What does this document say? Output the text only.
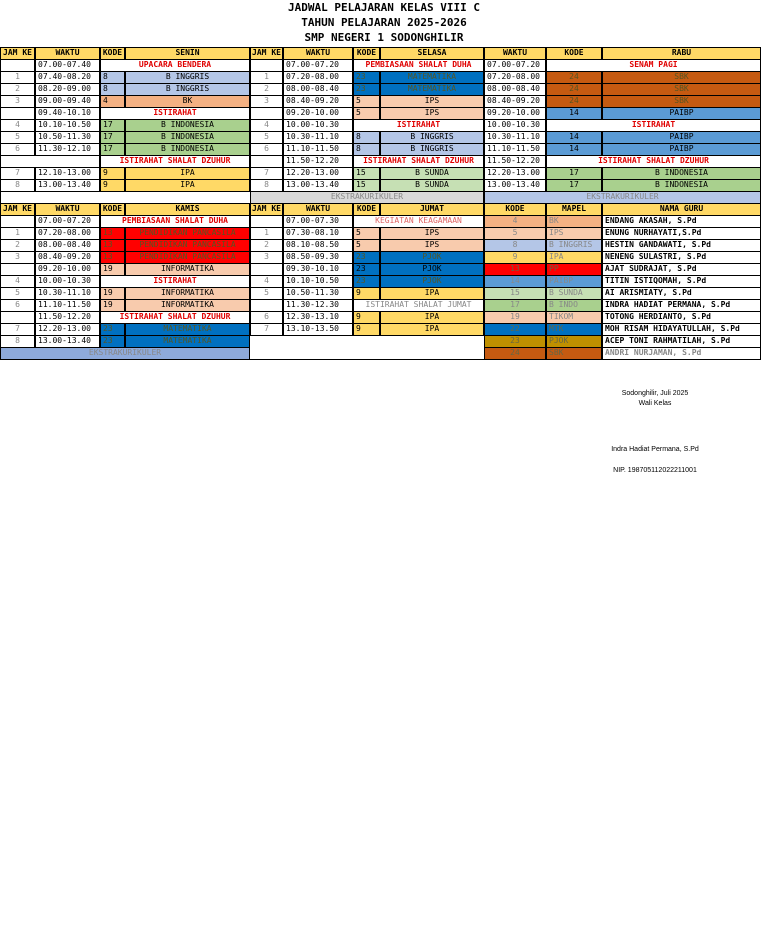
JADWAL PELAJARAN KELAS VIII C
TAHUN PELAJARAN 2025-2026
SMP NEGERI 1 SODONGHILIR
JAM KE	WAKTU	KODE	SENIN	JAM KE	WAKTU	KODE	SELASA	WAKTU	KODE	RABU
07.00-07.40	UPACARA BENDERA
1	07.40-08.20	8	B INGGRIS
2	08.20-09.00	8	B INGGRIS
3	09.00-09.40	4	BK
09.40-10.10	ISTIRAHAT
4	10.10-10.50	17	B INDONESIA
5	10.50-11.30	17	B INDONESIA
6	11.30-12.10	17	B INDONESIA
ISTIRAHAT SHALAT DZUHUR
7	12.10-13.00	9	IPA
8	13.00-13.40	9	IPA
07.00-07.20	PEMBIASAAN SHALAT DUHA
1	07.20-08.00	23	MATEMATIKA
2	08.00-08.40	23	MATEMATIKA
3	08.40-09.20	5	IPS
09.20-10.00	5	IPS
4	10.00-10.30	ISTIRAHAT
5	10.30-11.10	8	B INGGRIS
6	11.10-11.50	8	B INGGRIS
11.50-12.20	ISTIRAHAT SHALAT DZUHUR
7	12.20-13.00	15	B SUNDA
8	13.00-13.40	15	B SUNDA
EKSTRAKURIKULER
07.00-07.20	SENAM PAGI
07.20-08.00	24	SBK
08.00-08.40	24	SBK
08.40-09.20	24	SBK
09.20-10.00	14	PAIBP
10.00-10.30	ISTIRAHAT
10.30-11.10	14	PAIBP
11.10-11.50	14	PAIBP
11.50-12.20	ISTIRAHAT SHALAT DZUHUR
12.20-13.00	17	B INDONESIA
13.00-13.40	17	B INDONESIA
EKSTRAKURIKULER
JAM KE	WAKTU	KODE	KAMIS	JAM KE	WAKTU	KODE	JUMAT	KODE	MAPEL	NAMA GURU
07.00-07.20	PEMBIASAAN SHALAT DUHA
1	07.20-08.00	13	PENDIDIKAN PANCASILA
2	08.00-08.40	13	PENDIDIKAN PANCASILA
3	08.40-09.20	13	PENDIDIKAN PANCASILA
09.20-10.00	19	INFORMATIKA
4	10.00-10.30	ISTIRAHAT
5	10.30-11.10	19	INFORMATIKA
6	11.10-11.50	19	INFORMATIKA
11.50-12.20	ISTIRAHAT SHALAT DZUHUR
7	12.20-13.00	23	MATEMATIKA
8	13.00-13.40	23	MATEMATIKA
EKSTRAKURIKULER
07.00-07.30	KEGIATAN KEAGAMAAN
1	07.30-08.10	5	IPS
2	08.10-08.50	5	IPS
3	08.50-09.30	23	PJOK
09.30-10.10	23	PJOK
4	10.10-10.50	23	PJOK
5	10.50-11.30	9	IPA
11.30-12.30	ISTIRAHAT SHALAT JUMAT
6	12.30-13.10	9	IPA
7	13.10-13.50	9	IPA
4	BK	ENDANG AKASAH, S.Pd
5	IPS	ENUNG NURHAYATI,S.Pd
8	B INGGRIS	HESTIN GANDAWATI, S.Pd
9	IPA	NENENG SULASTRI, S.Pd
13	PP	AJAT SUDRAJAT, S.Pd
14	PAIBP	TITIN ISTIQOMAH, S.Pd
15	B SUNDA	AI ARISMIATY, S.Pd
17	B INDO	INDRA HADIAT PERMANA, S.Pd
19	TIKOM	TOTONG HERDIANTO, S.Pd
22	MTK	MOH RISAM HIDAYATULLAH, S.Pd
23	PJOK	ACEP TONI RAHMATILAH, S.Pd
24	SBK	ANDRI NURJAMAN, S.Pd
Sodonghilir, Juli 2025
Wali Kelas
Indra Hadiat Permana, S.Pd
NIP. 198705112022211001
